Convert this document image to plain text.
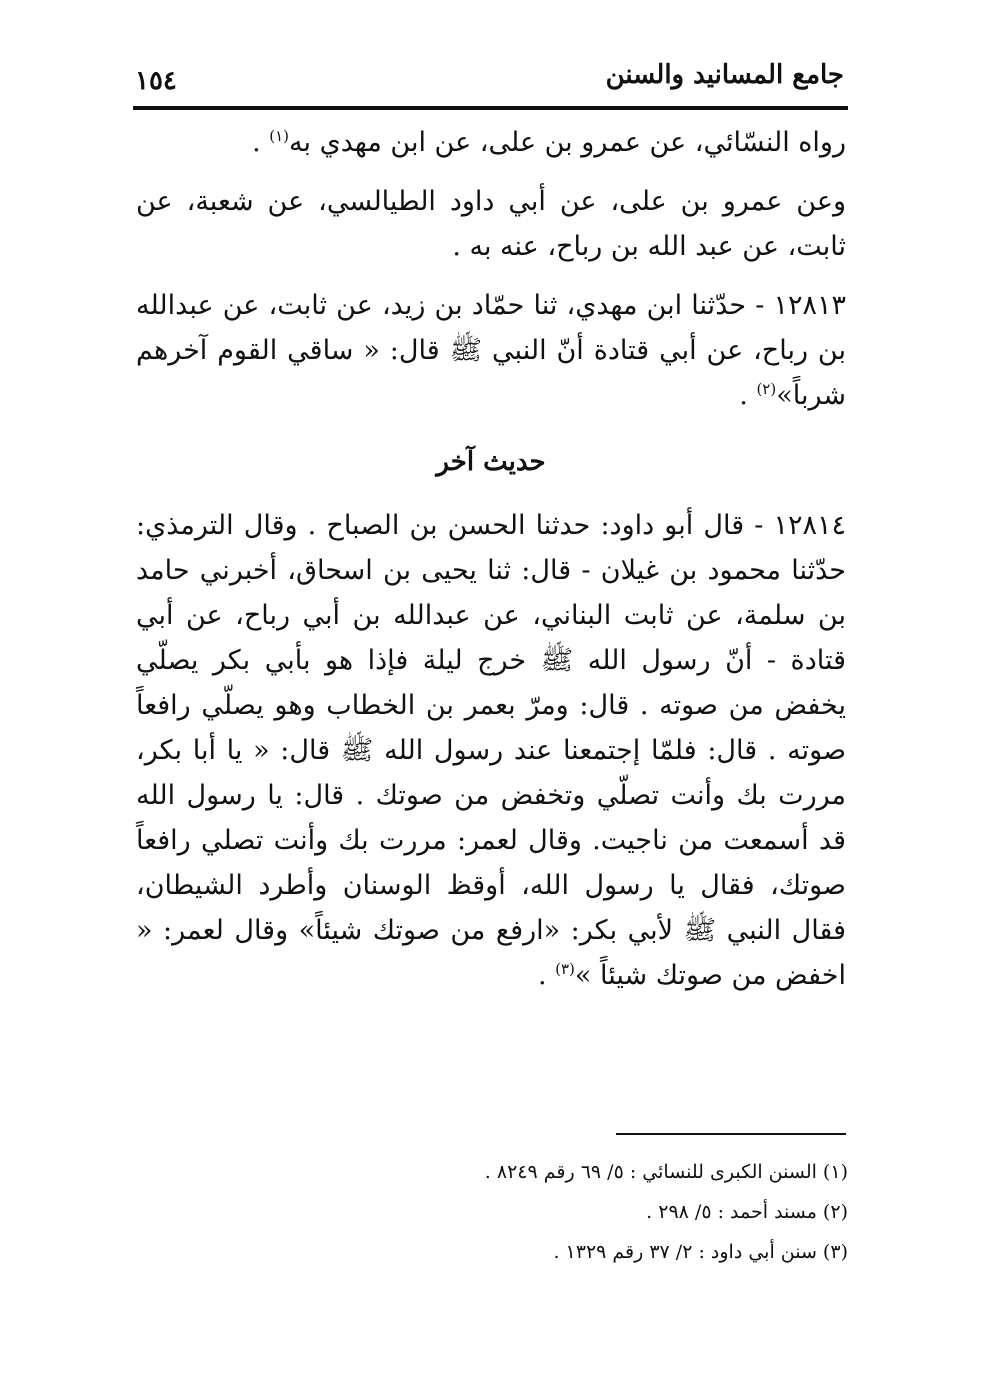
جامع المسانيد والسنن
١٥٤

رواه النسّائي، عن عمرو بن على، عن ابن مهدي به$^{(١)}$ .

وعن عمرو بن على، عن أبي داود الطيالسي، عن شعبة، عن ثابت، عن عبد الله بن رباح، عنه به .

١٢٨١٣ - حدّثنا ابن مهدي، ثنا حمّاد بن زيد، عن ثابت، عن عبدالله بن رباح، عن أبي قتادة أنّ النبي ﷺ قال: « ساقي القوم آخرهم شرباً»$^{(٢)}$ .

حديث آخر

١٢٨١٤ - قال أبو داود: حدثنا الحسن بن الصباح . وقال الترمذي: حدّثنا محمود بن غيلان - قال: ثنا يحيى بن اسحاق، أخبرني حامد بن سلمة، عن ثابت البناني، عن عبدالله بن أبي رباح، عن أبي قتادة - أنّ رسول الله ﷺ خرج ليلة فإذا هو بأبي بكر يصلّي يخفض من صوته . قال: ومرّ بعمر بن الخطاب وهو يصلّي رافعاً صوته . قال: فلمّا إجتمعنا عند رسول الله ﷺ قال: « يا أبا بكر، مررت بك وأنت تصلّي وتخفض من صوتك . قال: يا رسول الله قد أسمعت من ناجيت. وقال لعمر: مررت بك وأنت تصلي رافعاً صوتك، فقال يا رسول الله، أوقظ الوسنان وأطرد الشيطان، فقال النبي ﷺ لأبي بكر: «ارفع من صوتك شيئاً» وقال لعمر: « اخفض من صوتك شيئاً »$^{(٣)}$ .

(١) السنن الكبرى للنسائي : ٥/ ٦٩ رقم ٨٢٤٩ .

(٢) مسند أحمد : ٥/ ٢٩٨ .

(٣) سنن أبي داود : ٢/ ٣٧ رقم ١٣٢٩ .
